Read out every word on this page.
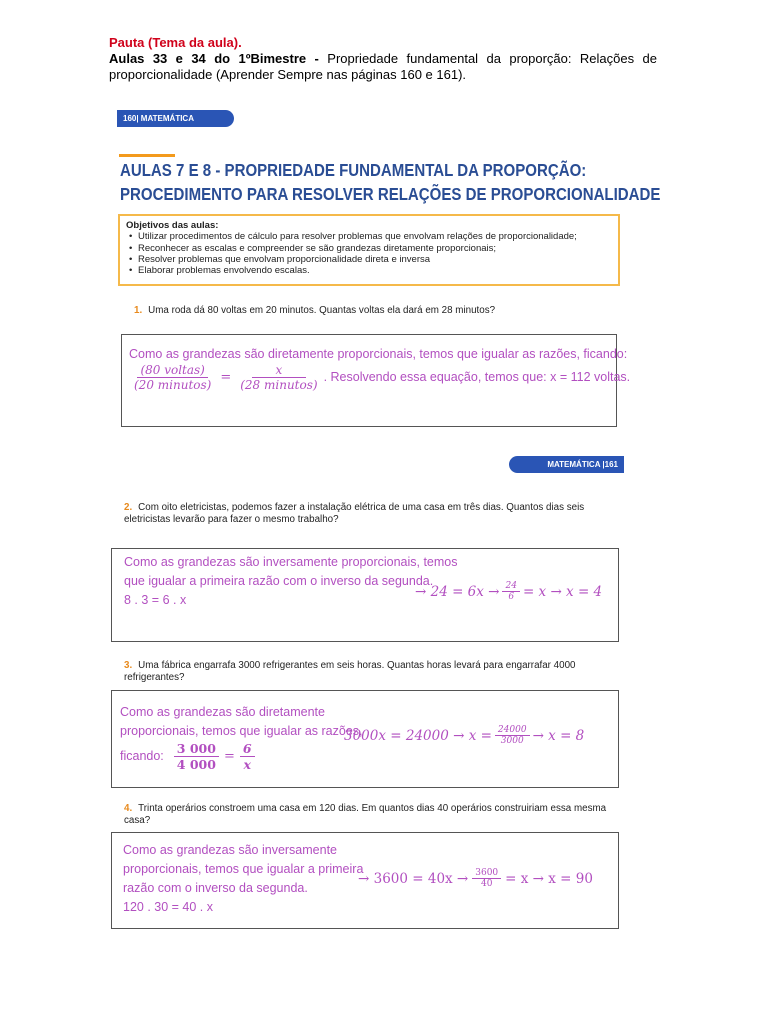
Pauta (Tema da aula).
Aulas 33 e 34 do 1ºBimestre - Propriedade fundamental da proporção: Relações de proporcionalidade (Aprender Sempre nas páginas 160 e 161).
160| MATEMÁTICA
AULAS 7 E 8 - PROPRIEDADE FUNDAMENTAL DA PROPORÇÃO:
PROCEDIMENTO PARA RESOLVER RELAÇÕES DE PROPORCIONALIDADE
Objetivos das aulas:
• Utilizar procedimentos de cálculo para resolver problemas que envolvam relações de proporcionalidade;
• Reconhecer as escalas e compreender se são grandezas diretamente proporcionais;
• Resolver problemas que envolvam proporcionalidade direta e inversa
• Elaborar problemas envolvendo escalas.
1. Uma roda dá 80 voltas em 20 minutos. Quantas voltas ela dará em 28 minutos?
Como as grandezas são diretamente proporcionais, temos que igualar as razões, ficando:
$\frac{\text{(80 voltas)}}{\text{(20 minutos)}} = \frac{x}{\text{(28 minutos)}}$ . Resolvendo essa equação, temos que: x = 112 voltas.
MATEMÁTICA |161
2. Com oito eletricistas, podemos fazer a instalação elétrica de uma casa em três dias. Quantos dias seis eletricistas levarão para fazer o mesmo trabalho?
Como as grandezas são inversamente proporcionais, temos
que igualar a primeira razão com o inverso da segunda.
8 . 3 = 6 . x
→ $24 = 6x \to \frac{24}{6} = x \to x = 4$
3. Uma fábrica engarrafa 3000 refrigerantes em seis horas. Quantas horas levará para engarrafar 4000 refrigerantes?
Como as grandezas são diretamente
proporcionais, temos que igualar as razões,
ficando: $\frac{3 000}{4 000} = \frac{6}{x}$
$3000x = 24000 \to x = \frac{24000}{3000} \to x = 8$
4. Trinta operários constroem uma casa em 120 dias. Em quantos dias 40 operários construiriam essa mesma casa?
Como as grandezas são inversamente
proporcionais, temos que igualar a primeira
razão com o inverso da segunda.
120 . 30 = 40 . x
→ $3600 = 40x \to \frac{3600}{40} = x \to x = 90$
